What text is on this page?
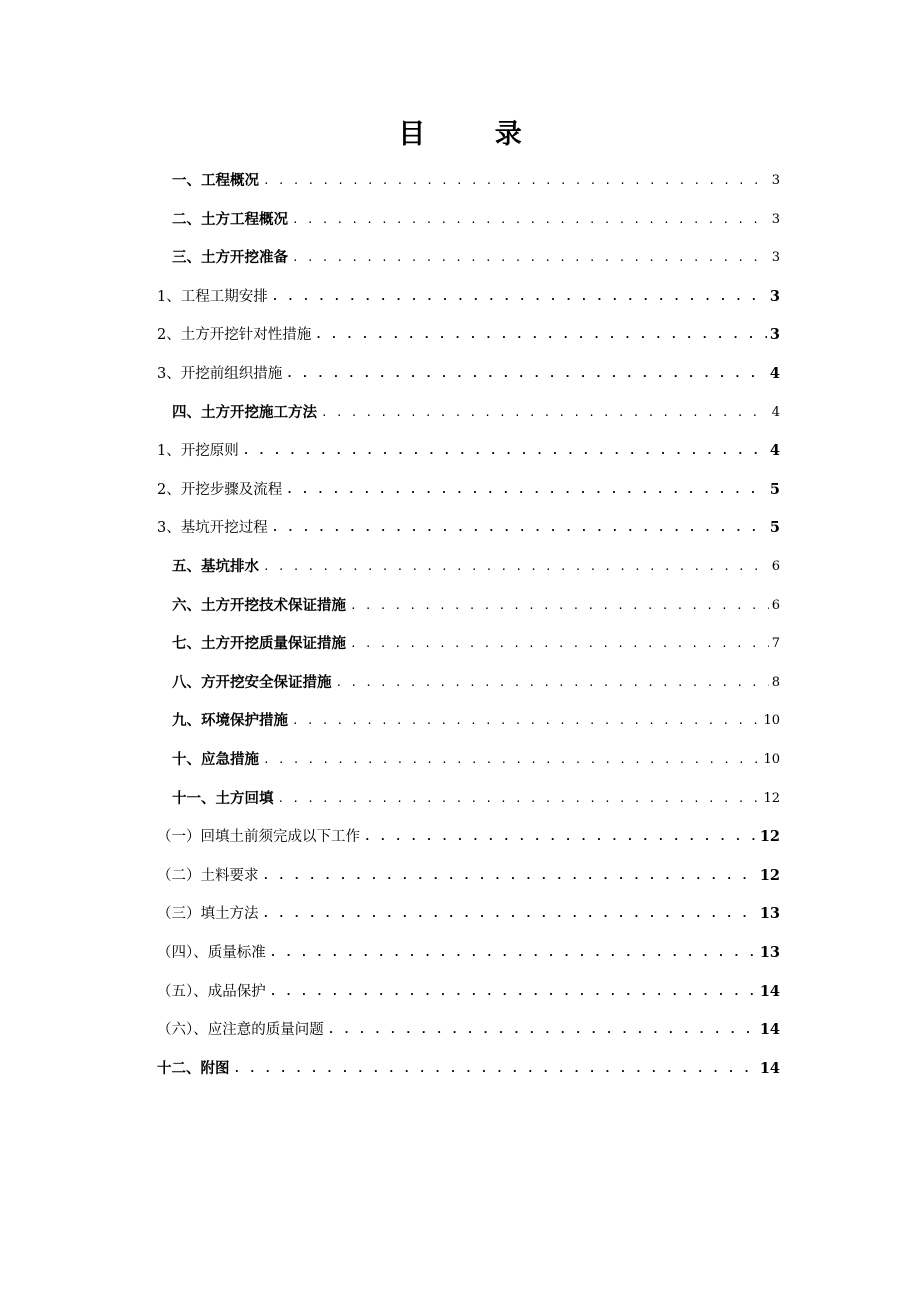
目 录
一、工程概况 . . .	3
二、土方工程概况 . . .	3
三、土方开挖准备 . . .	3
1、工程工期安排 . . .	3
2、土方开挖针对性措施 . . .	3
3、开挖前组织措施 . . .	4
四、土方开挖施工方法 . . .	4
1、开挖原则 . . .	4
2、开挖步骤及流程 . . .	5
3、基坑开挖过程 . . .	5
五、基坑排水 . . .	6
六、土方开挖技术保证措施 . . .	6
七、土方开挖质量保证措施 . . .	7
八、方开挖安全保证措施 . . .	8
九、环境保护措施 . . .	10
十、应急措施 . . .	10
十一、土方回填 . . .	12
（一）回填土前须完成以下工作 . . .	12
（二）土料要求 . . .	12
（三）填土方法 . . .	13
（四）、质量标准 . . .	13
（五）、成品保护 . . .	14
（六）、应注意的质量问题 . . .	14
十二、附图 . . .	14
